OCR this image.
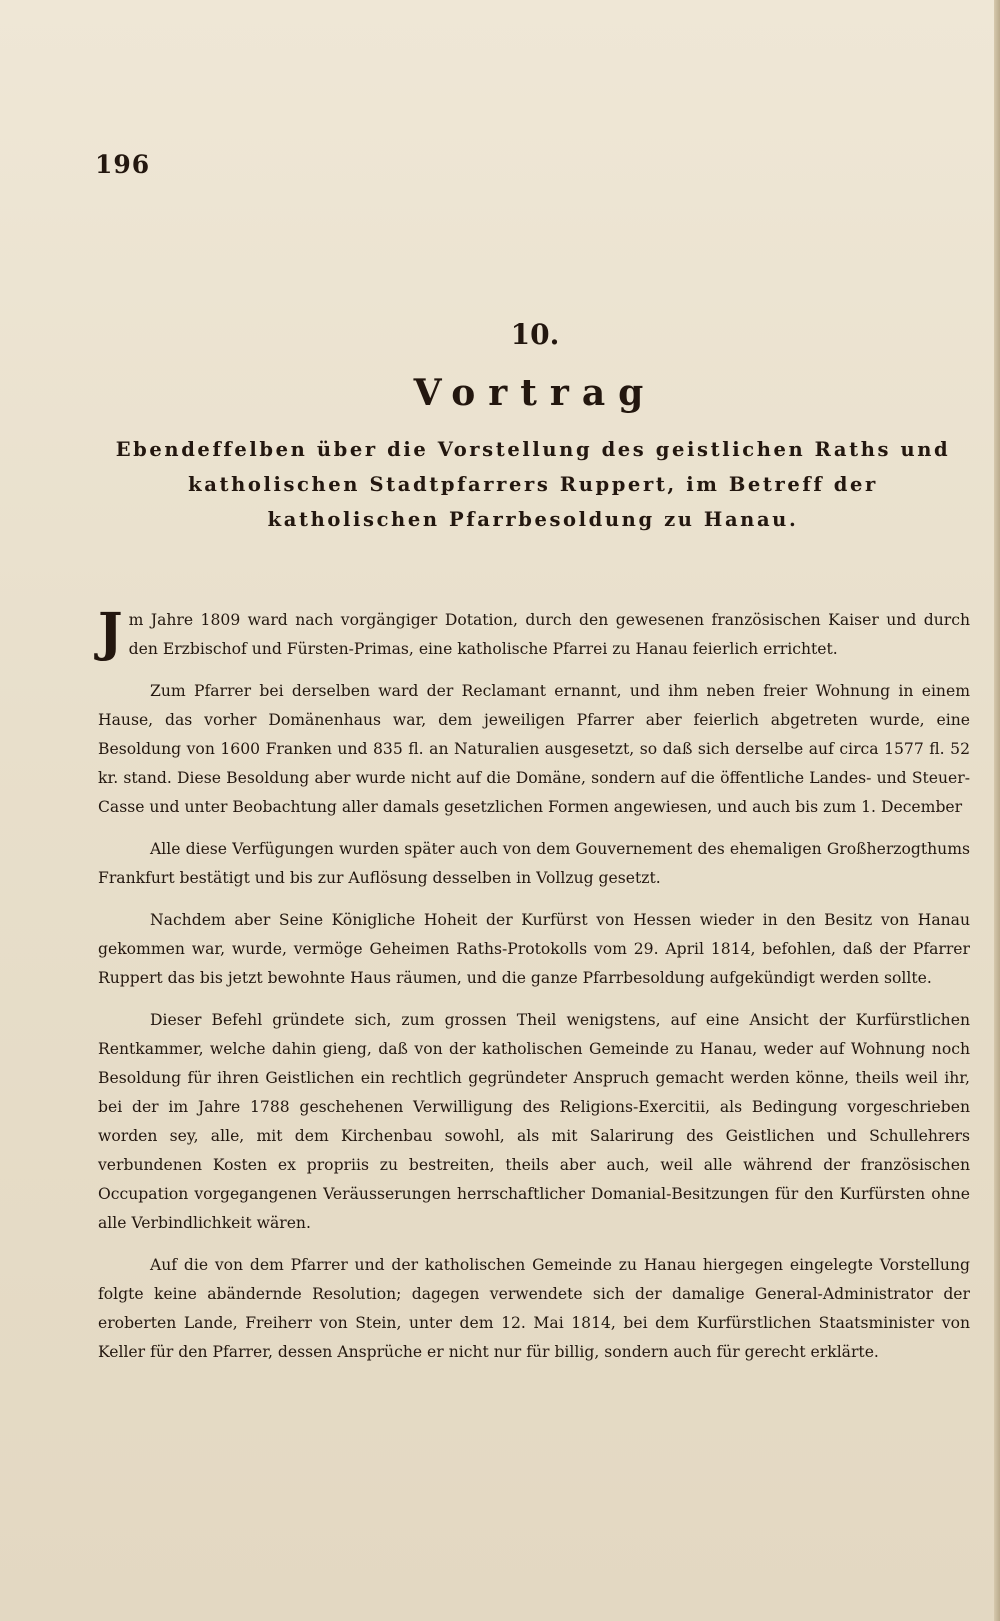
196
10.
Vortrag
Ebendeffelben über die Vorstellung des geistlichen Raths und katholischen Stadtpfarrers Ruppert, im Betreff der katholischen Pfarrbesoldung zu Hanau.

Jm Jahre 1809 ward nach vorgängiger Dotation, durch den gewesenen französischen Kaiser und durch den Erzbischof und Fürsten-Primas, eine katholische Pfarrei zu Hanau feierlich errichtet.

Zum Pfarrer bei derselben ward der Reclamant ernannt, und ihm neben freier Wohnung in einem Hause, das vorher Domänenhaus war, dem jeweiligen Pfarrer aber feierlich abgetreten wurde, eine Besoldung von 1600 Franken und 835 fl. an Naturalien ausgesetzt, so daß sich derselbe auf circa 1577 fl. 52 kr. stand. Diese Besoldung aber wurde nicht auf die Domäne, sondern auf die öffentliche Landes- und Steuer-Casse und unter Beobachtung aller damals gesetzlichen Formen angewiesen, und auch bis zum 1. December

Alle diese Verfügungen wurden später auch von dem Gouvernement des ehemaligen Großherzogthums Frankfurt bestätigt und bis zur Auflösung desselben in Vollzug gesetzt.

Nachdem aber Seine Königliche Hoheit der Kurfürst von Hessen wieder in den Besitz von Hanau gekommen war, wurde, vermöge Geheimen Raths-Protokolls vom 29. April 1814, befohlen, daß der Pfarrer Ruppert das bis jetzt bewohnte Haus räumen, und die ganze Pfarrbesoldung aufgekündigt werden sollte.

Dieser Befehl gründete sich, zum grossen Theil wenigstens, auf eine Ansicht der Kurfürstlichen Rentkammer, welche dahin gieng, daß von der katholischen Gemeinde zu Hanau, weder auf Wohnung noch Besoldung für ihren Geistlichen ein rechtlich gegründeter Anspruch gemacht werden könne, theils weil ihr, bei der im Jahre 1788 geschehenen Verwilligung des Religions-Exercitii, als Bedingung vorgeschrieben worden sey, alle, mit dem Kirchenbau sowohl, als mit Salarirung des Geistlichen und Schullehrers verbundenen Kosten ex propriis zu bestreiten, theils aber auch, weil alle während der französischen Occupation vorgegangenen Veräusserungen herrschaftlicher Domanial-Besitzungen für den Kurfürsten ohne alle Verbindlichkeit wären.

Auf die von dem Pfarrer und der katholischen Gemeinde zu Hanau hiergegen eingelegte Vorstellung folgte keine abändernde Resolution; dagegen verwendete sich der damalige General-Administrator der eroberten Lande, Freiherr von Stein, unter dem 12. Mai 1814, bei dem Kurfürstlichen Staatsminister von Keller für den Pfarrer, dessen Ansprüche er nicht nur für billig, sondern auch für gerecht erklärte.
